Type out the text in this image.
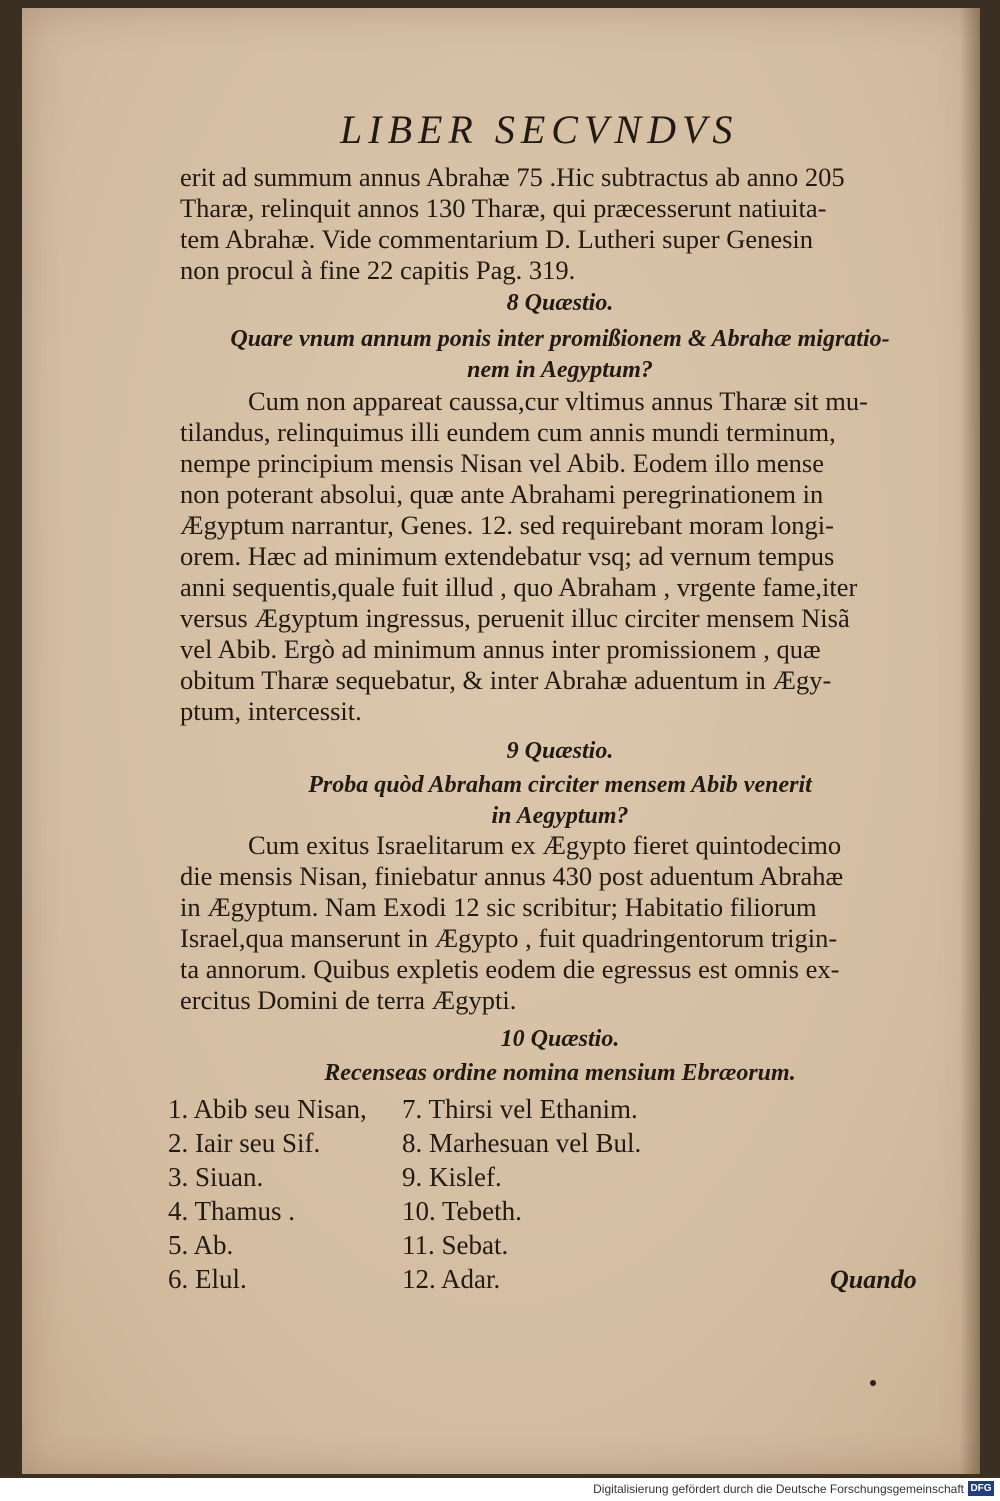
LIBER SECVNDVS
erit ad summum annus Abrahæ 75 .Hic subtractus ab anno 205
Tharæ, relinquit annos 130 Tharæ, qui præcesserunt natiuita-
tem Abrahæ. Vide commentarium D. Lutheri super Genesin
non procul à fine 22 capitis Pag. 319.
8 Quæstio.
Quare vnum annum ponis inter promißionem & Abrahæ migratio-
nem in Aegyptum?
Cum non appareat caussa,cur vltimus annus Tharæ sit mu-
tilandus, relinquimus illi eundem cum annis mundi terminum,
nempe principium mensis Nisan vel Abib. Eodem illo mense
non poterant absolui, quæ ante Abrahami peregrinationem in
Ægyptum narrantur, Genes. 12. sed requirebant moram longi-
orem. Hæc ad minimum extendebatur vsq; ad vernum tempus
anni sequentis,quale fuit illud , quo Abraham , vrgente fame,iter
versus Ægyptum ingressus, peruenit illuc circiter mensem Nisã
vel Abib. Ergò ad minimum annus inter promissionem , quæ
obitum Tharæ sequebatur, & inter Abrahæ aduentum in Ægy-
ptum, intercessit.
9 Quæstio.
Proba quòd Abraham circiter mensem Abib venerit
in Aegyptum?
Cum exitus Israelitarum ex Ægypto fieret quintodecimo
die mensis Nisan, finiebatur annus 430 post aduentum Abrahæ
in Ægyptum. Nam Exodi 12 sic scribitur; Habitatio filiorum
Israel,qua manserunt in Ægypto , fuit quadringentorum trigin-
ta annorum. Quibus expletis eodem die egressus est omnis ex-
ercitus Domini de terra Ægypti.
10 Quæstio.
Recenseas ordine nomina mensium Ebræorum.
1. Abib seu Nisan,
2. Iair seu Sif.
3. Siuan.
4. Thamus .
5. Ab.
6. Elul.
7. Thirsi vel Ethanim.
8. Marhesuan vel Bul.
9. Kislef.
10. Tebeth.
11. Sebat.
12. Adar.	Quando
Digitalisierung gefördert durch die Deutsche Forschungsgemeinschaft DFG
